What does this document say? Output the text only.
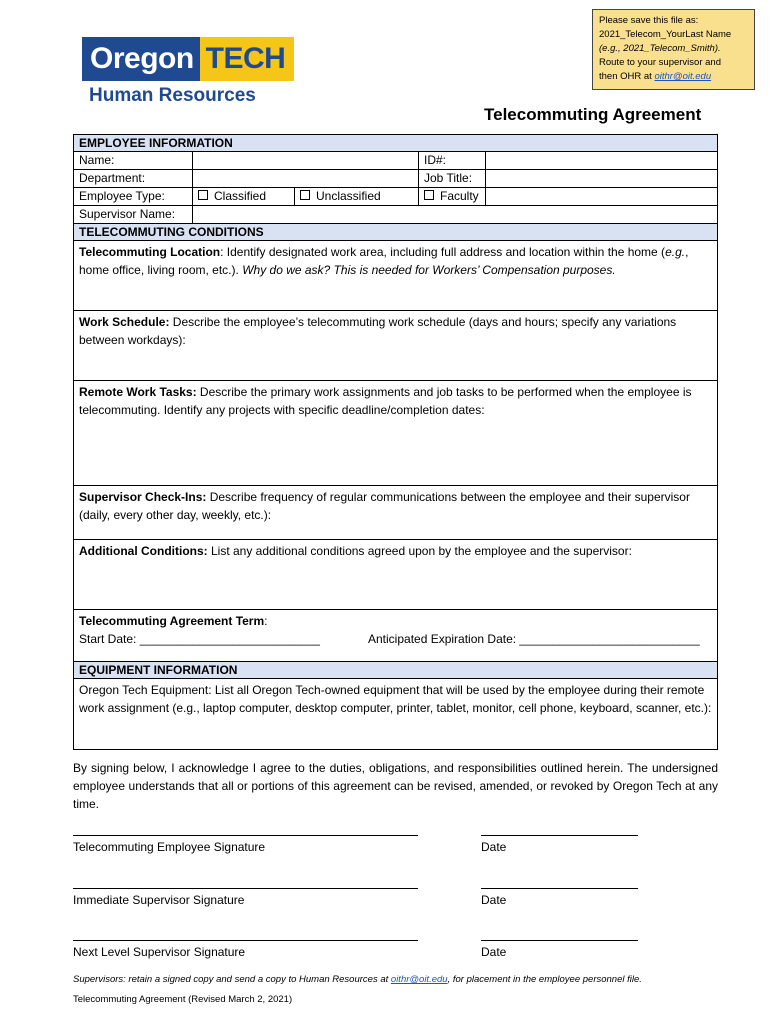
Oregon TECH
Human Resources
Please save this file as:
2021_Telecom_YourLast Name
(e.g., 2021_Telecom_Smith).
Route to your supervisor and
then OHR at oithr@oit.edu
Telecommuting Agreement
EMPLOYEE INFORMATION
Name:	ID#:
Department:	Job Title:
Employee Type:	Classified	Unclassified	Faculty
Supervisor Name:
TELECOMMUTING CONDITIONS
Telecommuting Location: Identify designated work area, including full address and location within the home (e.g., home office, living room, etc.). Why do we ask? This is needed for Workers’ Compensation purposes.
Work Schedule: Describe the employee’s telecommuting work schedule (days and hours; specify any variations between workdays):
Remote Work Tasks: Describe the primary work assignments and job tasks to be performed when the employee is telecommuting. Identify any projects with specific deadline/completion dates:
Supervisor Check-Ins: Describe frequency of regular communications between the employee and their supervisor (daily, every other day, weekly, etc.):
Additional Conditions: List any additional conditions agreed upon by the employee and the supervisor:
Telecommuting Agreement Term:
Start Date: ___________________________	Anticipated Expiration Date: ___________________________
EQUIPMENT INFORMATION
Oregon Tech Equipment: List all Oregon Tech-owned equipment that will be used by the employee during their remote work assignment (e.g., laptop computer, desktop computer, printer, tablet, monitor, cell phone, keyboard, scanner, etc.):
By signing below, I acknowledge I agree to the duties, obligations, and responsibilities outlined herein. The undersigned employee understands that all or portions of this agreement can be revised, amended, or revoked by Oregon Tech at any time.
Telecommuting Employee Signature	Date
Immediate Supervisor Signature	Date
Next Level Supervisor Signature	Date
Supervisors: retain a signed copy and send a copy to Human Resources at oithr@oit.edu, for placement in the employee personnel file.
Telecommuting Agreement (Revised March 2, 2021)
